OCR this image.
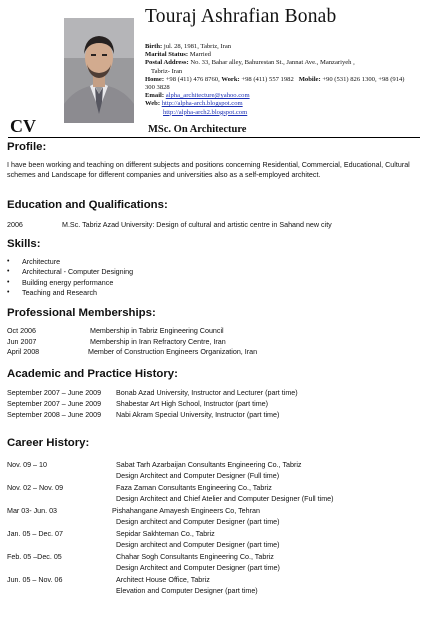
Touraj Ashrafian Bonab
Birth: jul. 28, 1981, Tabriz, Iran
Marital Status: Married
Postal Address: No. 33, Bahar alley, Bahurestan St., Jannat Ave., Manzariyeh ,
Tabriz- Iran
Home: +98 (411) 476 8760, Work: +98 (411) 557 1982 Mobile: +90 (531) 826 1300, +98 (914)
300 3828
Email: alpha_architecture@yahoo.com
Web: http://alpha-arch.blogspot.com
http://alpha-arch2.blogspot.com
CV	MSc. On Architecture
Profile:
I have been working and teaching on different subjects and positions concerning Residential, Commercial, Educational, Cultural schemes and Landscape for different companies and universities also as a self-employed architect.
Education and Qualifications:
2006	M.Sc. Tabriz Azad University: Design of cultural and artistic centre in Sahand new city
Skills:
• Architecture
• Architectural - Computer Designing
• Building energy performance
• Teaching and Research
Professional Memberships:
Oct 2006	Membership in Tabriz Engineering Council
Jun 2007	Membership in Iran Refractory Centre, Iran
April 2008	Member of Construction Engineers Organization, Iran
Academic and Practice History:
September 2007 – June 2009 Bonab Azad University, Instructor and Lecturer (part time)
September 2007 – June 2009 Shabestar Art High School, Instructor (part time)
September 2008 – June 2009 Nabi Akram Special University, Instructor (part time)
Career History:
Nov. 09 – 10	Sabat Tarh Azarbaijan Consultants Engineering Co., Tabriz
Design Architect and Computer Designer (Full time)
Nov. 02 – Nov. 09	Faza Zaman Consultants Engineering Co., Tabriz
Design Architect and Chief Atelier and Computer Designer (Full time)
Mar 03- Jun. 03	Pishahangane Amayesh Engineers Co, Tehran
Design architect and Computer Designer (part time)
Jan. 05 – Dec. 07	Sepidar Sakhteman Co., Tabriz
Design architect and Computer Designer (part time)
Feb. 05 –Dec. 05	Chahar Sogh Consultants Engineering Co., Tabriz
Design Architect and Computer Designer (part time)
Jun. 05 – Nov. 06	Architect House Office, Tabriz
Elevation and Computer Designer (part time)
